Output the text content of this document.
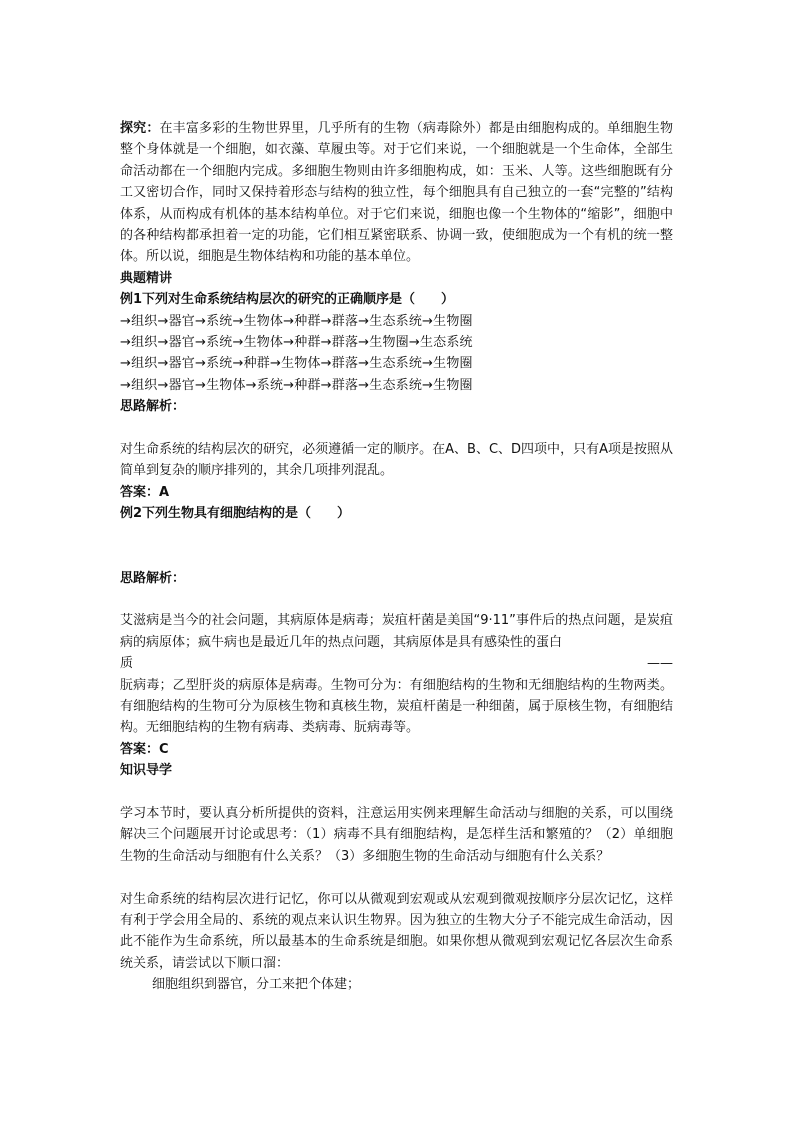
探究：在丰富多彩的生物世界里，几乎所有的生物（病毒除外）都是由细胞构成的。单细胞生物整个身体就是一个细胞，如衣藻、草履虫等。对于它们来说，一个细胞就是一个生命体，全部生命活动都在一个细胞内完成。多细胞生物则由许多细胞构成，如：玉米、人等。这些细胞既有分工又密切合作，同时又保持着形态与结构的独立性，每个细胞具有自己独立的一套“完整的”结构体系，从而构成有机体的基本结构单位。对于它们来说，细胞也像一个生物体的“缩影”，细胞中的各种结构都承担着一定的功能，它们相互紧密联系、协调一致，使细胞成为一个有机的统一整体。所以说，细胞是生物体结构和功能的基本单位。

典题精讲

例1下列对生命系统结构层次的研究的正确顺序是（　　）

→组织→器官→系统→生物体→种群→群落→生态系统→生物圈

→组织→器官→系统→生物体→种群→群落→生物圈→生态系统

→组织→器官→系统→种群→生物体→群落→生态系统→生物圈

→组织→器官→生物体→系统→种群→群落→生态系统→生物圈

思路解析：

对生命系统的结构层次的研究，必须遵循一定的顺序。在A、B、C、D四项中，只有A项是按照从简单到复杂的顺序排列的，其余几项排列混乱。

答案：A

例2下列生物具有细胞结构的是（　　）

思路解析：

艾滋病是当今的社会问题，其病原体是病毒；炭疽杆菌是美国“9·11”事件后的热点问题，是炭疽病的病原体；疯牛病也是最近几年的热点问题，其病原体是具有感染性的蛋白

质	——

朊病毒；乙型肝炎的病原体是病毒。生物可分为：有细胞结构的生物和无细胞结构的生物两类。有细胞结构的生物可分为原核生物和真核生物，炭疽杆菌是一种细菌，属于原核生物，有细胞结构。无细胞结构的生物有病毒、类病毒、朊病毒等。

答案：C

知识导学

学习本节时，要认真分析所提供的资料，注意运用实例来理解生命活动与细胞的关系，可以围绕解决三个问题展开讨论或思考：（1）病毒不具有细胞结构，是怎样生活和繁殖的？（2）单细胞生物的生命活动与细胞有什么关系？（3）多细胞生物的生命活动与细胞有什么关系？

对生命系统的结构层次进行记忆，你可以从微观到宏观或从宏观到微观按顺序分层次记忆，这样有利于学会用全局的、系统的观点来认识生物界。因为独立的生物大分子不能完成生命活动，因此不能作为生命系统，所以最基本的生命系统是细胞。如果你想从微观到宏观记忆各层次生命系统关系，请尝试以下顺口溜：

细胞组织到器官，分工来把个体建；
